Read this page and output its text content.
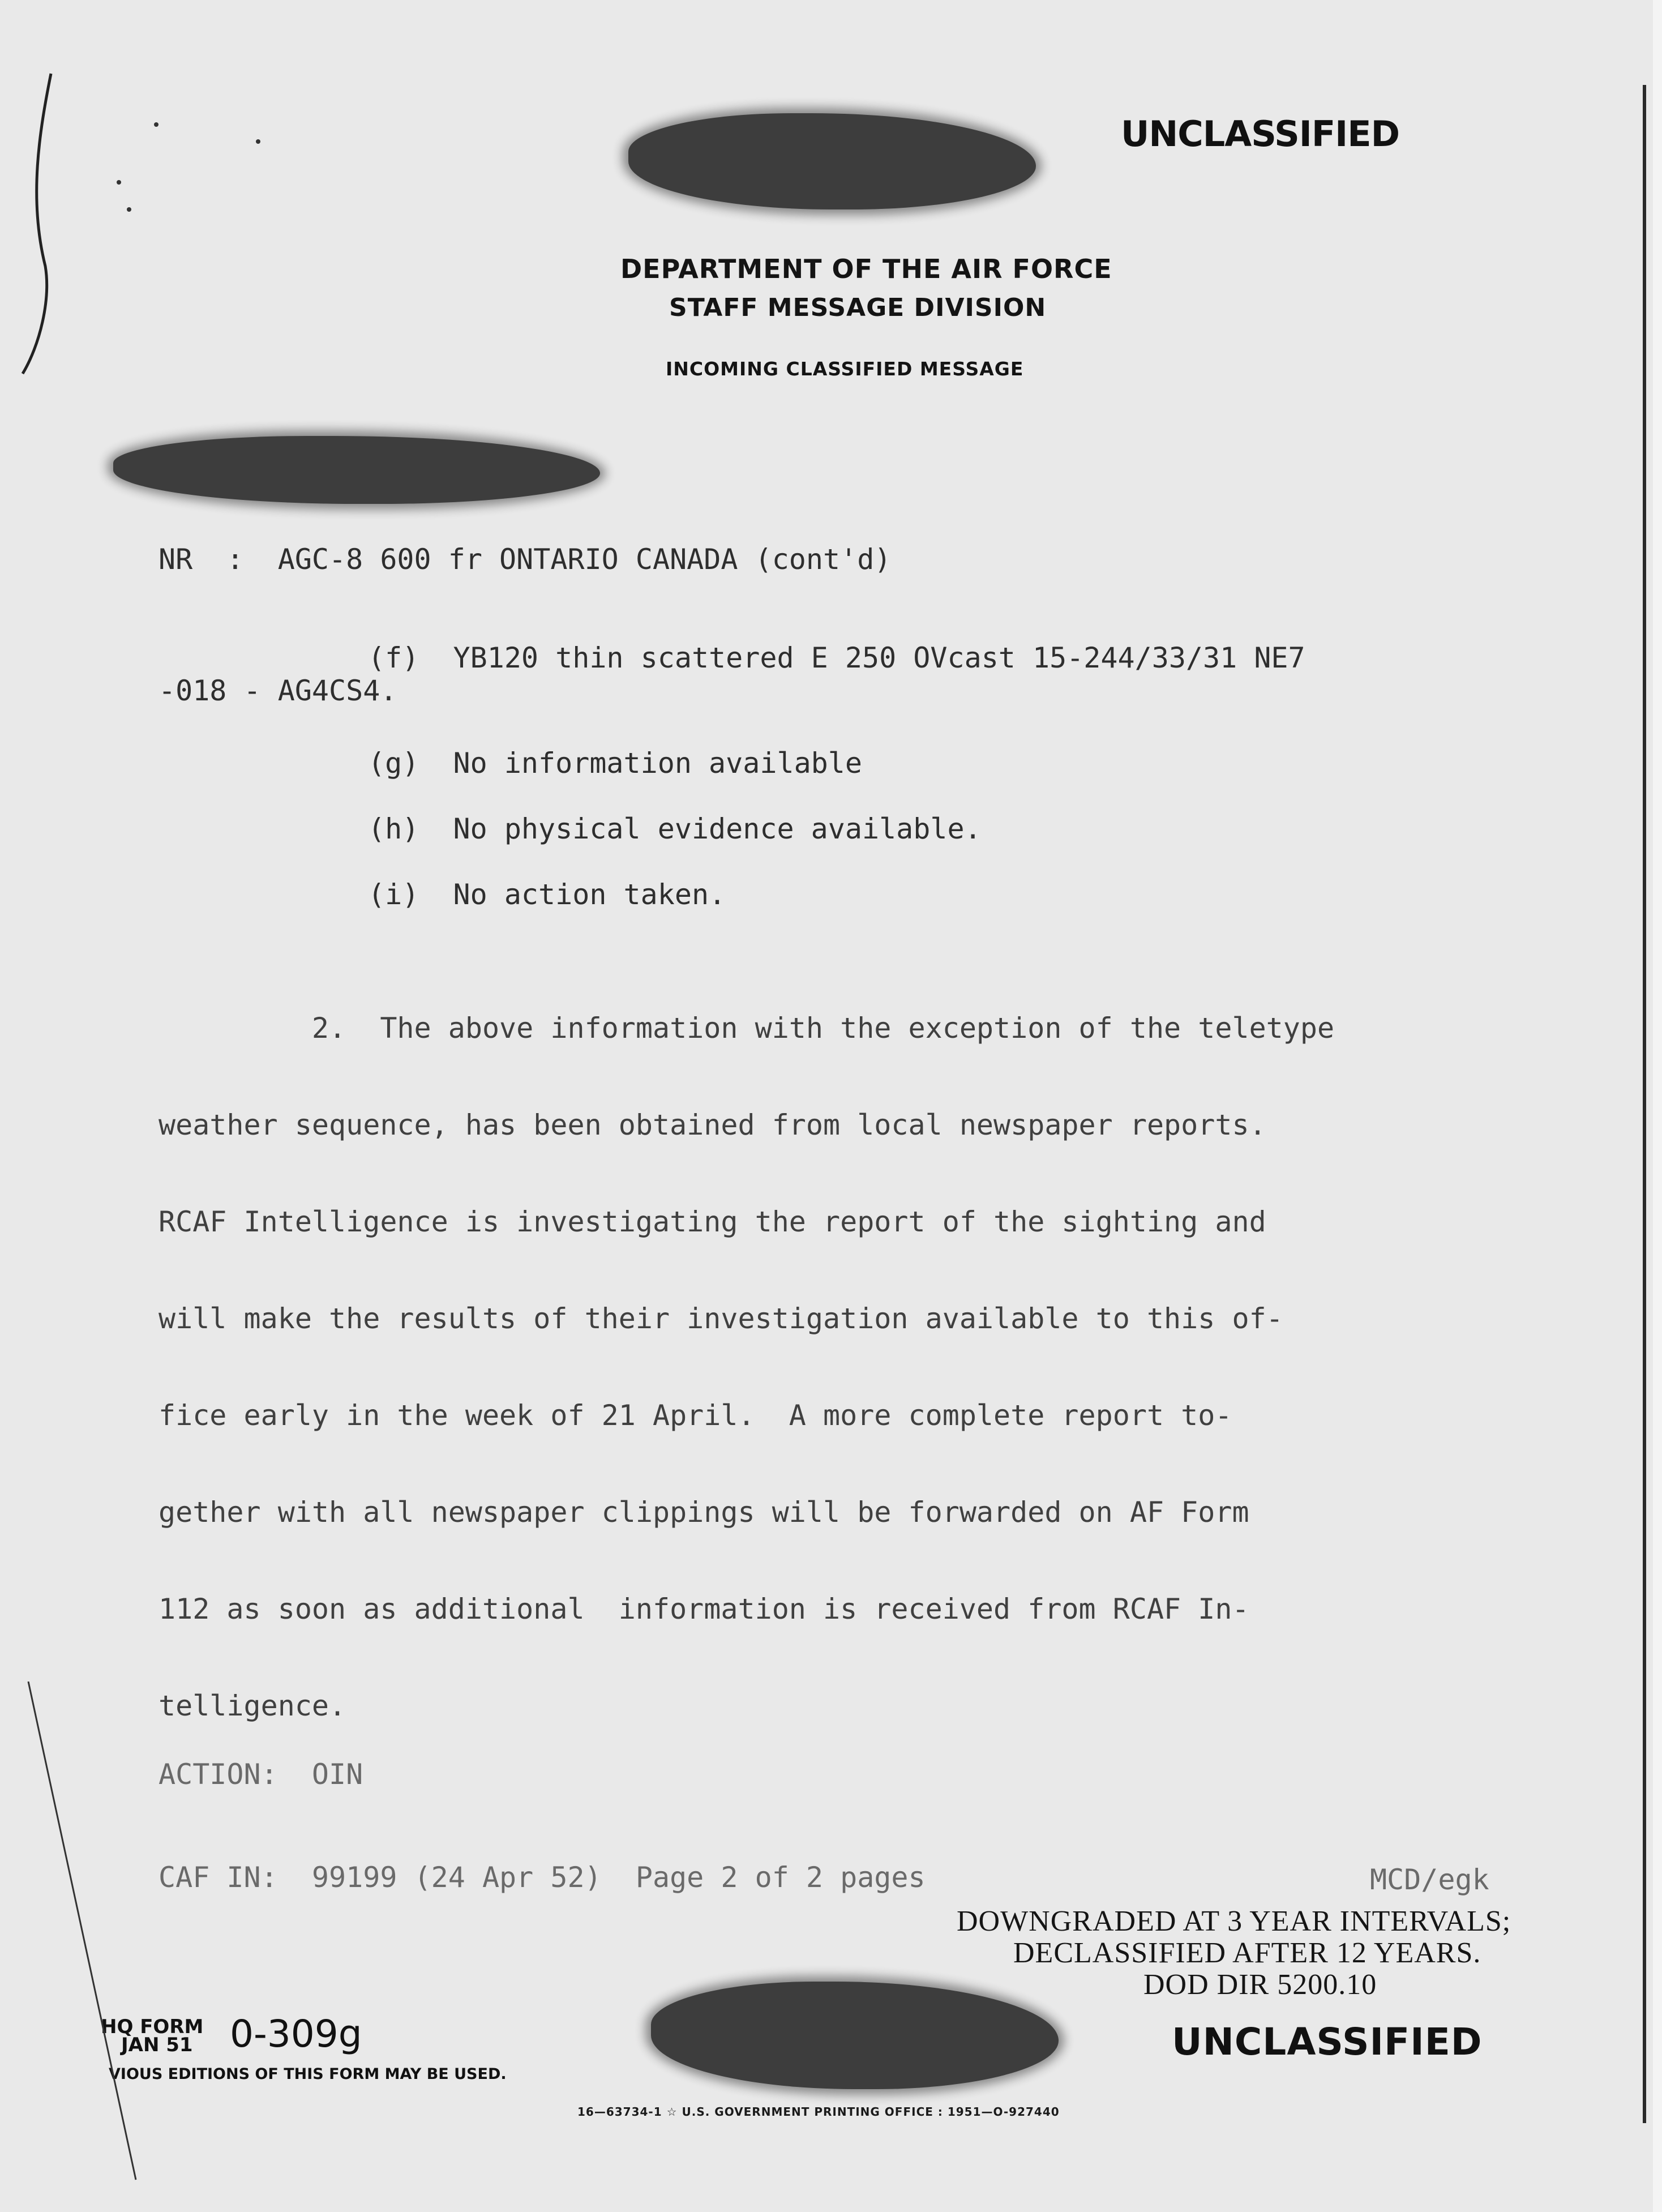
UNCLASSIFIED
DEPARTMENT OF THE AIR FORCE
STAFF MESSAGE DIVISION
INCOMING CLASSIFIED MESSAGE
NR  :  AGC-8 600 fr ONTARIO CANADA (cont'd)
(f)  YB120 thin scattered E 250 OVcast 15-244/33/31 NE7
-018 - AG4CS4.
(g)  No information available
(h)  No physical evidence available.
(i)  No action taken.

2.  The above information with the exception of the teletype

weather sequence, has been obtained from local newspaper reports.

RCAF Intelligence is investigating the report of the sighting and

will make the results of their investigation available to this of-

fice early in the week of 21 April.  A more complete report to-

gether with all newspaper clippings will be forwarded on AF Form

112 as soon as additional  information is received from RCAF In-

telligence.

ACTION:  OIN
CAF IN:  99199 (24 Apr 52)  Page 2 of 2 pages	MCD/egk
DOWNGRADED AT 3 YEAR INTERVALS;
DECLASSIFIED AFTER 12 YEARS.
DOD DIR 5200.10
HQ FORM
JAN 51 0-309g
VIOUS EDITIONS OF THIS FORM MAY BE USED.
UNCLASSIFIED
16—63734-1 ☆ U.S. GOVERNMENT PRINTING OFFICE : 1951—O-927440
